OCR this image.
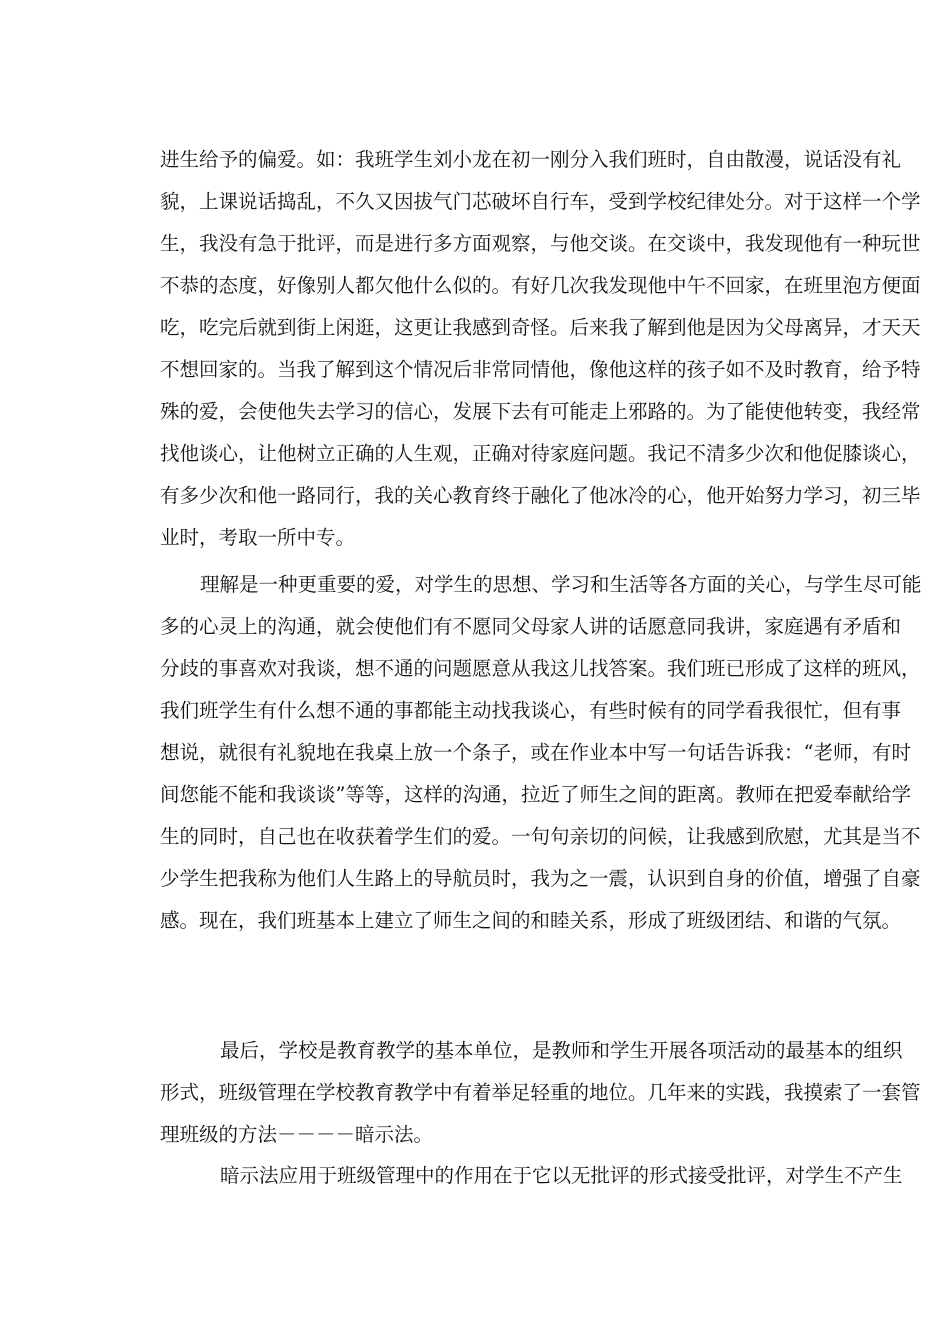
进生给予的偏爱。如：我班学生刘小龙在初一刚分入我们班时，自由散漫，说话没有礼
貌，上课说话捣乱，不久又因拔气门芯破坏自行车，受到学校纪律处分。对于这样一个学
生，我没有急于批评，而是进行多方面观察，与他交谈。在交谈中，我发现他有一种玩世
不恭的态度，好像别人都欠他什么似的。有好几次我发现他中午不回家，在班里泡方便面
吃，吃完后就到街上闲逛，这更让我感到奇怪。后来我了解到他是因为父母离异，才天天
不想回家的。当我了解到这个情况后非常同情他，像他这样的孩子如不及时教育，给予特
殊的爱，会使他失去学习的信心，发展下去有可能走上邪路的。为了能使他转变，我经常
找他谈心，让他树立正确的人生观，正确对待家庭问题。我记不清多少次和他促膝谈心，
有多少次和他一路同行，我的关心教育终于融化了他冰冷的心，他开始努力学习，初三毕
业时，考取一所中专。
理解是一种更重要的爱，对学生的思想、学习和生活等各方面的关心，与学生尽可能
多的心灵上的沟通，就会使他们有不愿同父母家人讲的话愿意同我讲，家庭遇有矛盾和
分歧的事喜欢对我谈，想不通的问题愿意从我这儿找答案。我们班已形成了这样的班风，
我们班学生有什么想不通的事都能主动找我谈心，有些时候有的同学看我很忙，但有事
想说，就很有礼貌地在我桌上放一个条子，或在作业本中写一句话告诉我：“老师，有时
间您能不能和我谈谈”等等，这样的沟通，拉近了师生之间的距离。教师在把爱奉献给学
生的同时，自己也在收获着学生们的爱。一句句亲切的问候，让我感到欣慰，尤其是当不
少学生把我称为他们人生路上的导航员时，我为之一震，认识到自身的价值，增强了自豪
感。现在，我们班基本上建立了师生之间的和睦关系，形成了班级团结、和谐的气氛。
最后，学校是教育教学的基本单位，是教师和学生开展各项活动的最基本的组织
形式，班级管理在学校教育教学中有着举足轻重的地位。几年来的实践，我摸索了一套管
理班级的方法－－－－暗示法。
暗示法应用于班级管理中的作用在于它以无批评的形式接受批评，对学生不产生
